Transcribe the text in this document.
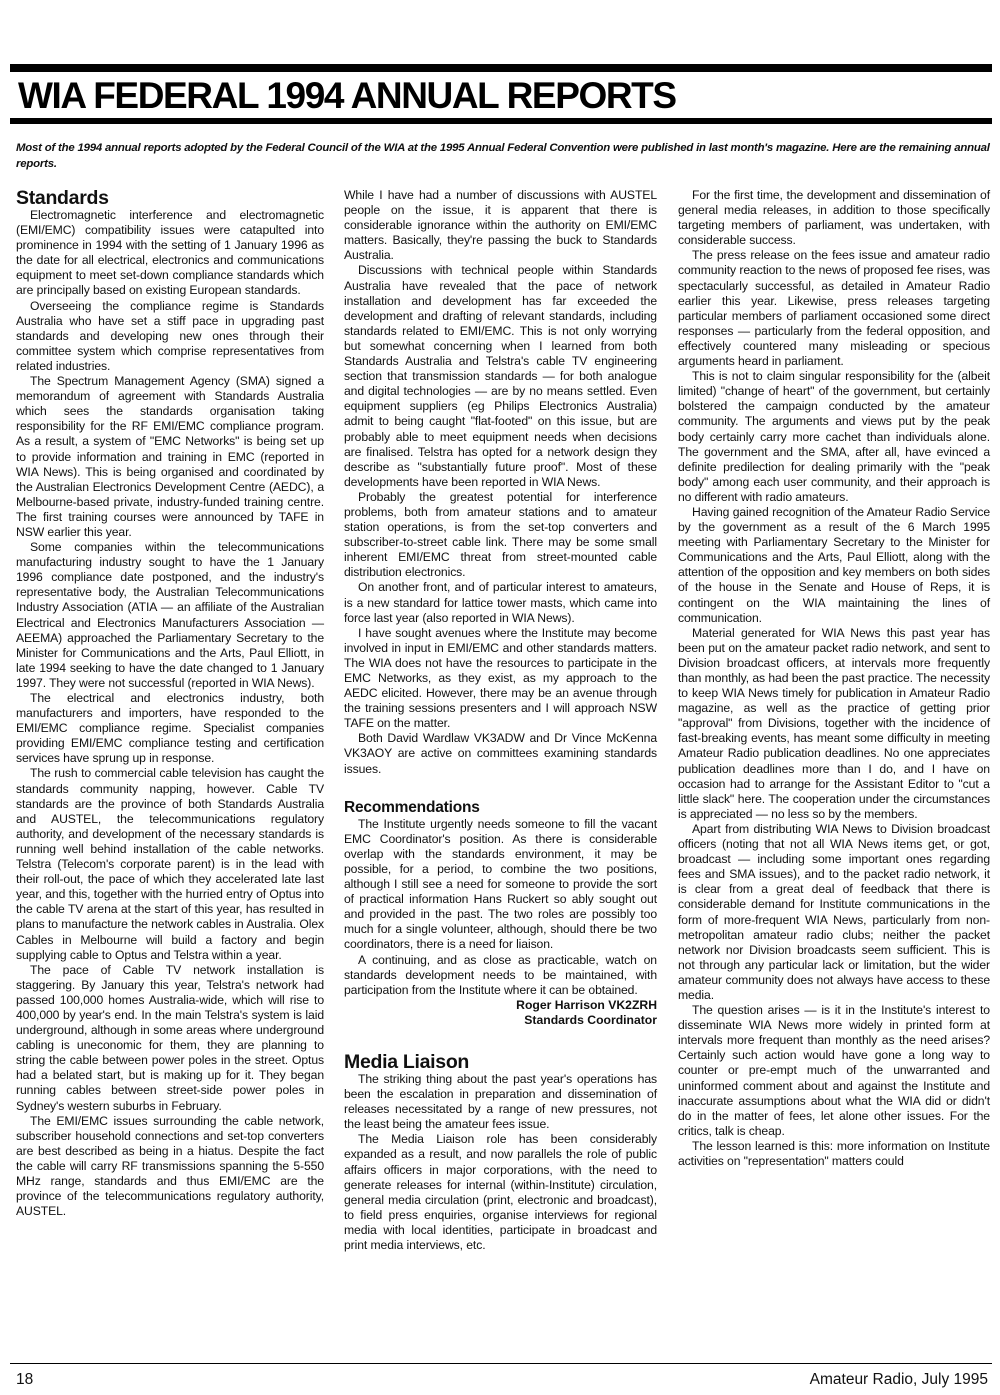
WIA FEDERAL 1994 ANNUAL REPORTS

Most of the 1994 annual reports adopted by the Federal Council of the WIA at the 1995 Annual Federal Convention were published in last month's magazine. Here are the remaining annual reports.

Standards

Electromagnetic interference and electromagnetic (EMI/EMC) compatibility issues were catapulted into prominence in 1994 with the setting of 1 January 1996 as the date for all electrical, electronics and communications equipment to meet set-down compliance standards which are principally based on existing European standards.

Overseeing the compliance regime is Standards Australia who have set a stiff pace in upgrading past standards and developing new ones through their committee system which comprise representatives from related industries.

The Spectrum Management Agency (SMA) signed a memorandum of agreement with Standards Australia which sees the standards organisation taking responsibility for the RF EMI/EMC compliance program. As a result, a system of "EMC Networks" is being set up to provide information and training in EMC (reported in WIA News). This is being organised and coordinated by the Australian Electronics Development Centre (AEDC), a Melbourne-based private, industry-funded training centre. The first training courses were announced by TAFE in NSW earlier this year.

Some companies within the telecommunications manufacturing industry sought to have the 1 January 1996 compliance date postponed, and the industry's representative body, the Australian Telecommunications Industry Association (ATIA — an affiliate of the Australian Electrical and Electronics Manufacturers Association — AEEMA) approached the Parliamentary Secretary to the Minister for Communications and the Arts, Paul Elliott, in late 1994 seeking to have the date changed to 1 January 1997. They were not successful (reported in WIA News).

The electrical and electronics industry, both manufacturers and importers, have responded to the EMI/EMC compliance regime. Specialist companies providing EMI/EMC compliance testing and certification services have sprung up in response.

The rush to commercial cable television has caught the standards community napping, however. Cable TV standards are the province of both Standards Australia and AUSTEL, the telecommunications regulatory authority, and development of the necessary standards is running well behind installation of the cable networks. Telstra (Telecom's corporate parent) is in the lead with their roll-out, the pace of which they accelerated late last year, and this, together with the hurried entry of Optus into the cable TV arena at the start of this year, has resulted in plans to manufacture the network cables in Australia. Olex Cables in Melbourne will build a factory and begin supplying cable to Optus and Telstra within a year.

The pace of Cable TV network installation is staggering. By January this year, Telstra's network had passed 100,000 homes Australia-wide, which will rise to 400,000 by year's end. In the main Telstra's system is laid underground, although in some areas where underground cabling is uneconomic for them, they are planning to string the cable between power poles in the street. Optus had a belated start, but is making up for it. They began running cables between street-side power poles in Sydney's western suburbs in February.

The EMI/EMC issues surrounding the cable network, subscriber household connections and set-top converters are best described as being in a hiatus. Despite the fact the cable will carry RF transmissions spanning the 5-550 MHz range, standards and thus EMI/EMC are the province of the telecommunications regulatory authority, AUSTEL.

While I have had a number of discussions with AUSTEL people on the issue, it is apparent that there is considerable ignorance within the authority on EMI/EMC matters. Basically, they're passing the buck to Standards Australia.

Discussions with technical people within Standards Australia have revealed that the pace of network installation and development has far exceeded the development and drafting of relevant standards, including standards related to EMI/EMC. This is not only worrying but somewhat concerning when I learned from both Standards Australia and Telstra's cable TV engineering section that transmission standards — for both analogue and digital technologies — are by no means settled. Even equipment suppliers (eg Philips Electronics Australia) admit to being caught "flat-footed" on this issue, but are probably able to meet equipment needs when decisions are finalised. Telstra has opted for a network design they describe as "substantially future proof". Most of these developments have been reported in WIA News.

Probably the greatest potential for interference problems, both from amateur stations and to amateur station operations, is from the set-top converters and subscriber-to-street cable link. There may be some small inherent EMI/EMC threat from street-mounted cable distribution electronics.

On another front, and of particular interest to amateurs, is a new standard for lattice tower masts, which came into force last year (also reported in WIA News).

I have sought avenues where the Institute may become involved in input in EMI/EMC and other standards matters. The WIA does not have the resources to participate in the EMC Networks, as they exist, as my approach to the AEDC elicited. However, there may be an avenue through the training sessions presenters and I will approach NSW TAFE on the matter.

Both David Wardlaw VK3ADW and Dr Vince McKenna VK3AOY are active on committees examining standards issues.

Recommendations

The Institute urgently needs someone to fill the vacant EMC Coordinator's position. As there is considerable overlap with the standards environment, it may be possible, for a period, to combine the two positions, although I still see a need for someone to provide the sort of practical information Hans Ruckert so ably sought out and provided in the past. The two roles are possibly too much for a single volunteer, although, should there be two coordinators, there is a need for liaison.

A continuing, and as close as practicable, watch on standards development needs to be maintained, with participation from the Institute where it can be obtained.

Roger Harrison VK2ZRH
Standards Coordinator
Media Liaison

The striking thing about the past year's operations has been the escalation in preparation and dissemination of releases necessitated by a range of new pressures, not the least being the amateur fees issue.

The Media Liaison role has been considerably expanded as a result, and now parallels the role of public affairs officers in major corporations, with the need to generate releases for internal (within-Institute) circulation, general media circulation (print, electronic and broadcast), to field press enquiries, organise interviews for regional media with local identities, participate in broadcast and print media interviews, etc.

For the first time, the development and dissemination of general media releases, in addition to those specifically targeting members of parliament, was undertaken, with considerable success.

The press release on the fees issue and amateur radio community reaction to the news of proposed fee rises, was spectacularly successful, as detailed in Amateur Radio earlier this year. Likewise, press releases targeting particular members of parliament occasioned some direct responses — particularly from the federal opposition, and effectively countered many misleading or specious arguments heard in parliament.

This is not to claim singular responsibility for the (albeit limited) "change of heart" of the government, but certainly bolstered the campaign conducted by the amateur community. The arguments and views put by the peak body certainly carry more cachet than individuals alone. The government and the SMA, after all, have evinced a definite predilection for dealing primarily with the "peak body" among each user community, and their approach is no different with radio amateurs.

Having gained recognition of the Amateur Radio Service by the government as a result of the 6 March 1995 meeting with Parliamentary Secretary to the Minister for Communications and the Arts, Paul Elliott, along with the attention of the opposition and key members on both sides of the house in the Senate and House of Reps, it is contingent on the WIA maintaining the lines of communication.

Material generated for WIA News this past year has been put on the amateur packet radio network, and sent to Division broadcast officers, at intervals more frequently than monthly, as had been the past practice. The necessity to keep WIA News timely for publication in Amateur Radio magazine, as well as the practice of getting prior "approval" from Divisions, together with the incidence of fast-breaking events, has meant some difficulty in meeting Amateur Radio publication deadlines. No one appreciates publication deadlines more than I do, and I have on occasion had to arrange for the Assistant Editor to "cut a little slack" here. The cooperation under the circumstances is appreciated — no less so by the members.

Apart from distributing WIA News to Division broadcast officers (noting that not all WIA News items get, or got, broadcast — including some important ones regarding fees and SMA issues), and to the packet radio network, it is clear from a great deal of feedback that there is considerable demand for Institute communications in the form of more-frequent WIA News, particularly from non-metropolitan amateur radio clubs; neither the packet network nor Division broadcasts seem sufficient. This is not through any particular lack or limitation, but the wider amateur community does not always have access to these media.

The question arises — is it in the Institute's interest to disseminate WIA News more widely in printed form at intervals more frequent than monthly as the need arises? Certainly such action would have gone a long way to counter or pre-empt much of the unwarranted and uninformed comment about and against the Institute and inaccurate assumptions about what the WIA did or didn't do in the matter of fees, let alone other issues. For the critics, talk is cheap.

The lesson learned is this: more information on Institute activities on "representation" matters could

18	Amateur Radio, July 1995
